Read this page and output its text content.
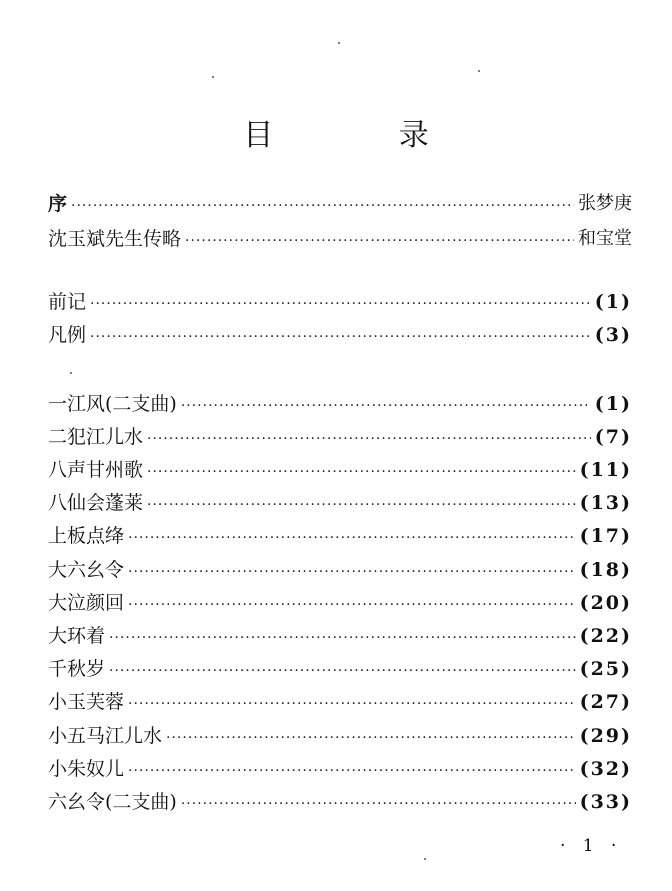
目 录
序 ·····	张梦庚
沈玉斌先生传略 ·····	和宝堂
前记 ·····	(1)
凡例 ·····	(3)
一江风(二支曲) ·····	(1)
二犯江儿水 ·····	(7)
八声甘州歌 ·····	(11)
八仙会蓬莱 ·····	(13)
上板点绛 ·····	(17)
大六幺令 ·····	(18)
大泣颜回 ·····	(20)
大环着 ·····	(22)
千秋岁 ·····	(25)
小玉芙蓉 ·····	(27)
小五马江儿水 ·····	(29)
小朱奴儿 ·····	(32)
六幺令(二支曲) ·····	(33)
· 1 ·
